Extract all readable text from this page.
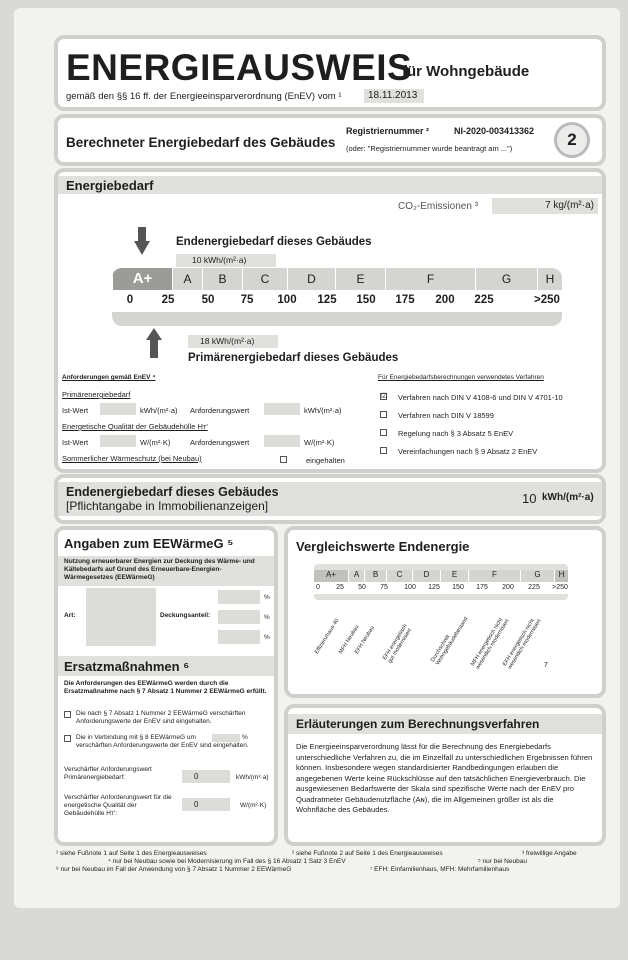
ENERGIEAUSWEIS
für Wohngebäude
gemäß den §§ 16 ff. der Energieeinsparverordnung (EnEV) vom ¹	18.11.2013
Berechneter Energiebedarf des Gebäudes
Registriernummer ²	NI-2020-003413362
(oder: "Registriernummer wurde beantragt am ...")	2
Energiebedarf
CO₂-Emissionen ³	7 kg/(m²·a)
Endenergiebedarf dieses Gebäudes
10 kWh/(m²·a)
A+	A	B	C	D	E	F	G	H
0 25 50 75 100 125 150 175 200 225	>250
18 kWh/(m²·a)
Primärenergiebedarf dieses Gebäudes
Anforderungen gemäß EnEV ⁴
Primärenergiebedarf
Ist-Wert	kWh/(m²·a) Anforderungswert	kWh/(m²·a)
Energetische Qualität der Gebäudehülle Hт'
Ist-Wert	W/(m²·K)	Anforderungswert	W/(m²·K)
Sommerlicher Wärmeschutz (bei Neubau)	eingehalten
Für Energiebedarfsberechnungen verwendetes Verfahren
☑ Verfahren nach DIN V 4108-6 und DIN V 4701-10
Verfahren nach DIN V 18599
Regelung nach § 3 Absatz 5 EnEV
Vereinfachungen nach § 9 Absatz 2 EnEV
Endenergiebedarf dieses Gebäudes
[Pflichtangabe in Immobilienanzeigen]	10 kWh/(m²·a)
Angaben zum EEWärmeG ⁵
Nutzung erneuerbarer Energien zur Deckung des Wärme- und Kältebedarfs auf Grund des Erneuerbare-Energien-Wärmegesetzes (EEWärmeG)
Art:	Deckungsanteil:
%
%
%
Ersatzmaßnahmen ⁶
Die Anforderungen des EEWärmeG werden durch die Ersatzmaßnahme nach § 7 Absatz 1 Nummer 2 EEWärmeG erfüllt.
Die nach § 7 Absatz 1 Nummer 2 EEWärmeG verschärften Anforderungswerte der EnEV sind eingehalten.
Die in Verbindung mit § 8 EEWärmeG um	%
verschärften Anforderungswerte der EnEV sind eingehalten.
Verschärfter Anforderungswert Primärenergiebedarf:	0	kWh/(m²·a)
Verschärfter Anforderungswert für die energetische Qualität der Gebäudehülle Hт':
0	W/(m²·K)
Vergleichswerte Endenergie
A+	A	B	C	D	E	F	G	H
0 25 50 75 100 125 150 175 200 225 >250
Effizienzhaus 40
MFH Neubau
EFH Neubau EFH energetisch gut modernisiert	Durchschnitt Wohngebäudebestand MFH energetisch nicht wesentlich modernisiert
EFH energetisch nicht wesentlich modernisiert 7
Erläuterungen zum Berechnungsverfahren
Die Energieeinsparverordnung lässt für die Berechnung des Energiebedarfs unterschiedliche Verfahren zu, die im Einzelfall zu unterschiedlichen Ergebnissen führen können. Insbesondere wegen standardisierter Randbedingungen erlauben die angegebenen Werte keine Rückschlüsse auf den tatsächlichen Energieverbrauch. Die ausgewiesenen Bedarfswerte der Skala sind spezifische Werte nach der EnEV pro Quadratmeter Gebäudenutzfläche (Aɴ), die im Allgemeinen größer ist als die Wohnfläche des Gebäudes.
¹ siehe Fußnote 1 auf Seite 1 des Energieausweises	² siehe Fußnote 2 auf Seite 1 des Energieausweises	³ freiwillige Angabe
⁴ nur bei Neubau sowie bei Modernisierung im Fall des § 16 Absatz 1 Satz 3 EnEV	⁵ nur bei Neubau
⁶ nur bei Neubau im Fall der Anwendung von § 7 Absatz 1 Nummer 2 EEWärmeG	⁷ EFH: Einfamilienhaus, MFH: Mehrfamilienhaus
